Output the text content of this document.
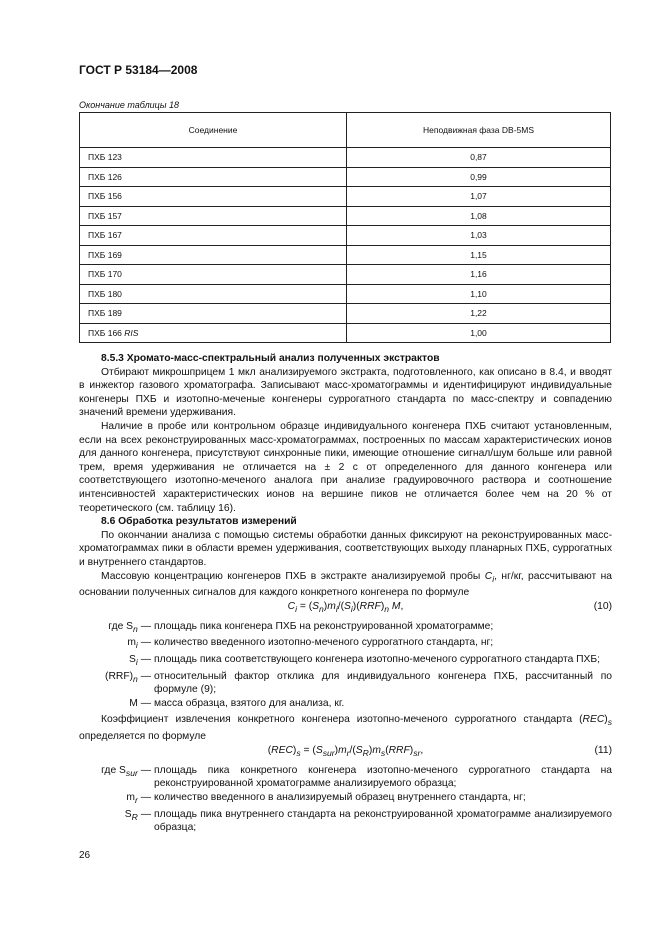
ГОСТ Р 53184—2008
Окончание таблицы 18
Соединение	Неподвижная фаза DB-5MS
ПХБ 123	0,87
ПХБ 126	0,99
ПХБ 156	1,07
ПХБ 157	1,08
ПХБ 167	1,03
ПХБ 169	1,15
ПХБ 170	1,16
ПХБ 180	1,10
ПХБ 189	1,22
ПХБ 166 RIS	1,00

8.5.3 Хромато-масс-спектральный анализ полученных экстрактов

Отбирают микрошприцем 1 мкл анализируемого экстракта, подготовленного, как описано в 8.4, и вводят в инжектор газового хроматографа. Записывают масс-хроматограммы и идентифицируют индивидуальные конгенеры ПХБ и изотопно-меченые конгенеры суррогатного стандарта по масс-спектру и совпадению значений времени удерживания.

Наличие в пробе или контрольном образце индивидуального конгенера ПХБ считают установленным, если на всех реконструированных масс-хроматограммах, построенных по массам характеристических ионов для данного конгенера, присутствуют синхронные пики, имеющие отношение сигнал/шум больше или равной трем, время удерживания не отличается на ± 2 с от определенного для данного конгенера или соответствующего изотопно-меченого аналога при анализе градуировочного раствора и соотношение интенсивностей характеристических ионов на вершине пиков не отличается более чем на 20 % от теоретического (см. таблицу 16).

8.6 Обработка результатов измерений

По окончании анализа с помощью системы обработки данных фиксируют на реконструированных масс-хроматограммах пики в области времен удерживания, соответствующих выходу планарных ПХБ, суррогатных и внутреннего стандартов.

Массовую концентрацию конгенеров ПХБ в экстракте анализируемой пробы $C_i$, нг/кг, рассчитывают на основании полученных сигналов для каждого конкретного конгенера по формуле

$C_i = (S_n)m_i/(S_i)(RRF)_n$ M,	(10)
где $S_n$ — площадь пика конгенера ПХБ на реконструированной хроматограмме;
$m_i$ — количество введенного изотопно-меченого суррогатного стандарта, нг;
$S_i$ — площадь пика соответствующего конгенера изотопно-меченого суррогатного стандарта ПХБ;
$(RRF)_n$ — относительный фактор отклика для индивидуального конгенера ПХБ, рассчитанный по формуле (9);
M — масса образца, взятого для анализа, кг.

Коэффициент извлечения конкретного конгенера изотопно-меченого суррогатного стандарта $(REC)_s$ определяется по формуле

$(REC)_s = (S_{sur})m_r/(S_R)m_s(RRF)_{sr}$,	(11)
где $S_{sur}$ — площадь пика конкретного конгенера изотопно-меченого суррогатного стандарта на реконструированной хроматограмме анализируемого образца;
$m_r$ — количество введенного в анализируемый образец внутреннего стандарта, нг;
$S_R$ — площадь пика внутреннего стандарта на реконструированной хроматограмме анализируемого образца;
26
